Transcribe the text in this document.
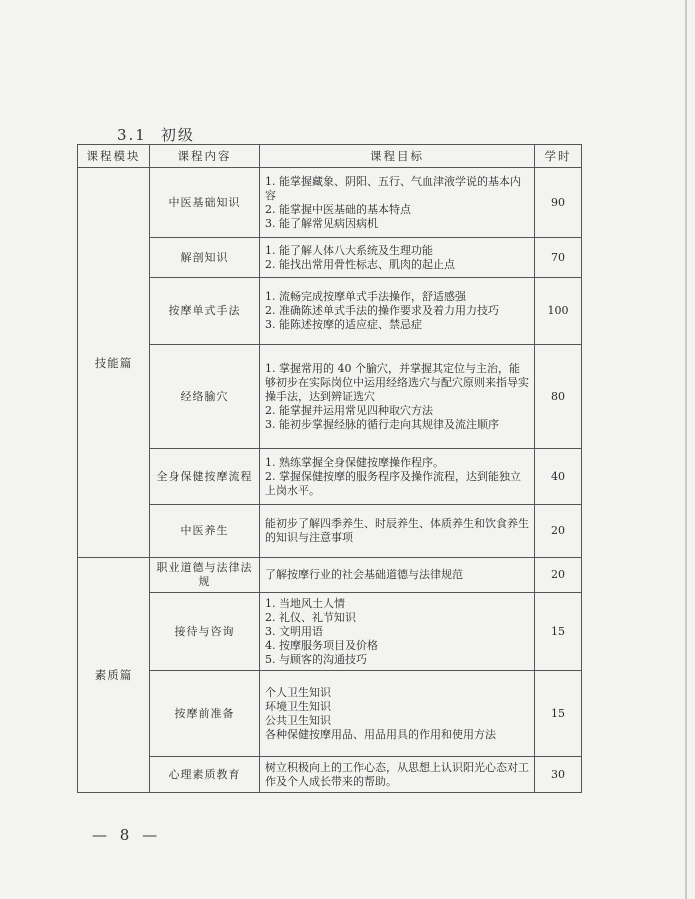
3.1 初级
课程模块	课程内容	课程目标	学时
技能篇	中医基础知识	1. 能掌握藏象、阴阳、五行、气血津液学说的基本内容
2. 能掌握中医基础的基本特点
3. 能了解常见病因病机	90
	解剖知识	1. 能了解人体八大系统及生理功能
2. 能找出常用骨性标志、肌肉的起止点	70
	按摩单式手法	1. 流畅完成按摩单式手法操作，舒适感强
2. 准确陈述单式手法的操作要求及着力用力技巧
3. 能陈述按摩的适应症、禁忌症	100
	经络腧穴	1. 掌握常用的 40 个腧穴，并掌握其定位与主治，能够初步在实际岗位中运用经络选穴与配穴原则来指导实操手法，达到辨证选穴
2. 能掌握并运用常见四种取穴方法
3. 能初步掌握经脉的循行走向其规律及流注顺序	80
	全身保健按摩流程	1. 熟练掌握全身保健按摩操作程序。
2. 掌握保健按摩的服务程序及操作流程，达到能独立上岗水平。	40
	中医养生	能初步了解四季养生、时辰养生、体质养生和饮食养生的知识与注意事项	20
素质篇	职业道德与法律法规	了解按摩行业的社会基础道德与法律规范	20
	接待与咨询	1. 当地风土人情
2. 礼仪、礼节知识
3. 文明用语
4. 按摩服务项目及价格
5. 与顾客的沟通技巧	15
	按摩前准备	个人卫生知识
环境卫生知识
公共卫生知识
各种保健按摩用品、用品用具的作用和使用方法	15
	心理素质教育	树立积极向上的工作心态，从思想上认识阳光心态对工作及个人成长带来的帮助。	30
— 8 —
